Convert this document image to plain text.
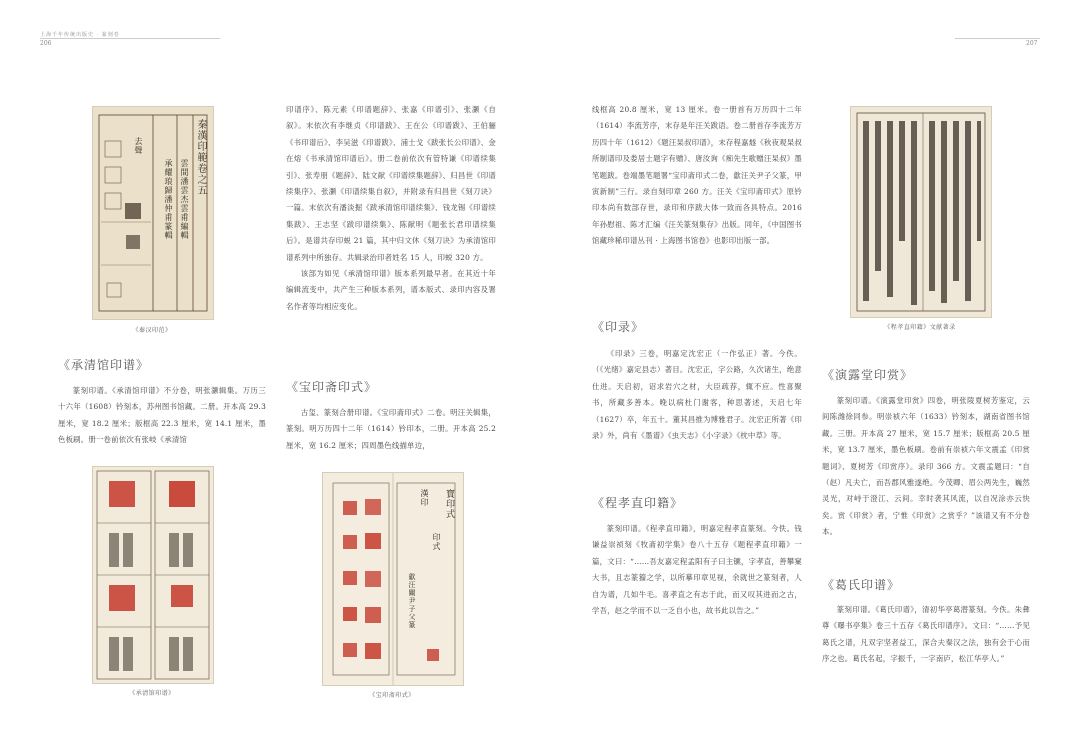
上海千年传统出版史 · 篆刻卷
206	207
秦漢印範卷之五
雲間潘雲杰雲甫編輯
承耀琅歸潘仲甫篆輯
去聲
《秦汉印范》
《承清馆印谱》

篆刻印谱。《承清馆印谱》不分卷，明张灏辑集。万历三十六年（1608）钤刻本，苏州图书馆藏。二册。开本高 29.3 厘米，宽 18.2 厘米；版框高 22.3 厘米，宽 14.1 厘米，墨色板刷。册一卷前依次有张岐《承清馆

《承清馆印谱》

印谱序》、陈元素《印谱题辞》、张嘉《印谱引》、张灏《自叙》。末依次有李继贞《印谱跋》、王在公《印谱跋》、王伯骊《书印谱后》、李吴滋《印谱跋》、浦士戈《跋张长公印谱》、金在熔《书承清馆印谱后》。册二卷前依次有管特谦《印谱续集引》、张寿朋《题辞》、陆文献《印谱续集题辞》、归昌世《印谱续集序》、张灏《印谱续集自叙》，并附录有归昌世《刻刀诀》一篇。末依次有潘淡掘《跋承清馆印谱续集》、钱龙锡《印谱续集跋》、王志坚《跋印谱续集》、陈献明《题张长君印谱续集后》。是谱共存印蜕 21 篇，其中归文休《刻刀诀》为承清馆印谱系列中所独存。共辑录治印者姓名 15 人，印蜕 320 方。

该部为如见《承清馆印谱》版本系列最早者。在其近十年编辑流变中，共产生三种版本系列，谱本版式、录印内容及署名作者等均相应变化。

《宝印斋印式》

古玺、篆刻合册印谱。《宝印斋印式》二卷。明汪关辑集，篆刻。明万历四十二年（1614）钤印本，二册。开本高 25.2 厘米，宽 16.2 厘米；四周墨色线描单边，

寶印式
印式
漢印
歙汪關尹子父篆
《宝印斋印式》

线框高 20.8 厘米，宽 13 厘米。卷一册首有万历四十二年（1614）李流芳序，末存是年汪关跋语。卷二册首存李流芳万历四十年（1612）《题汪杲叔印谱》，末存程嘉燧《秋夜观杲叔所制谱印及娄居士题字有赠》、唐汝询《痴先生歌赠汪杲叔》墨笔题跋。卷端墨笔题署“宝印斋印式二卷，歙汪关尹子父篆，甲寅新制”三行。录自刻印章 260 方。汪关《宝印斋印式》原钤印本尚有数部存世，录印和序跋大体一致而各具特点。2016 年孙慰祖、陈才汇编《汪关篆刻集存》出版。同年，《中国图书馆藏珍稀印谱丛刊 · 上海图书馆卷》也影印出版一部。

《印录》

《印录》三卷，明嘉定沈宏正（一作弘正）著。今佚。（《光绪》嘉定县志）著目。沈宏正，字公路，久次诸生，绝意仕进。天启初，诏求岩穴之材，大臣疏荐，辄不应。性喜聚书，所藏多善本。晚以病杜门谢客，种思著述，天启七年（1627）卒，年五十。董其昌推为博雅君子。沈宏正所著《印录》外，尚有《墨谱》《虫天志》《小字录》《枕中草》等。

《程孝直印籍》

篆刻印谱。《程孝直印籍》，明嘉定程孝直篆刻。今佚。钱谦益崇祯刻《牧斋初学集》卷八十五存《题程孝直印籍》一篇，文曰：“……吾友嘉定程孟阳有子曰主镳，字孝直，善攀窠大书，且志篆籀之学，以所摹印章见视，余就世之篆刻者，人自为谱，几如牛毛。喜孝直之有志于此，而又叹其进而之古，学吾，赵之学而不以一乏自小也，故书此以告之。”

《程孝直印籍》文献著录
《演露堂印赏》

篆刻印谱。《演露堂印赏》四卷，明张陵夏树芳鉴定，云间陈潍徐同参。明崇祯六年（1633）钤刻本，湖南省图书馆藏。三册。开本高 27 厘米，宽 15.7 厘米；版框高 20.5 厘米，宽 13.7 厘米，墨色板刷。卷前有崇祯六年文震孟《印赏题词》、夏树芳《印赏序》。录印 366 方。文震孟题曰：“自（赵）凡夫亡，而吾郡风雅遂绝。今茂卿、眉公两先生，巍然灵光，对峙于澄江、云间。幸时袭其风流，以自况涂亦云快矣。赏《印赏》者，宁惟《印赏》之赏乎？”该谱又有不分卷本。

《葛氏印谱》

篆刻印谱。《葛氏印谱》，清初华亭葛潜篆刻。今佚。朱彝尊《曝书亭集》卷三十五存《葛氏印谱序》。文曰：“……予见葛氏之谱，凡双字坚者益工，深合夫秦汉之法，独有会于心而序之也。葛氏名起，字振千，一字南庐，松江华亭人。”
